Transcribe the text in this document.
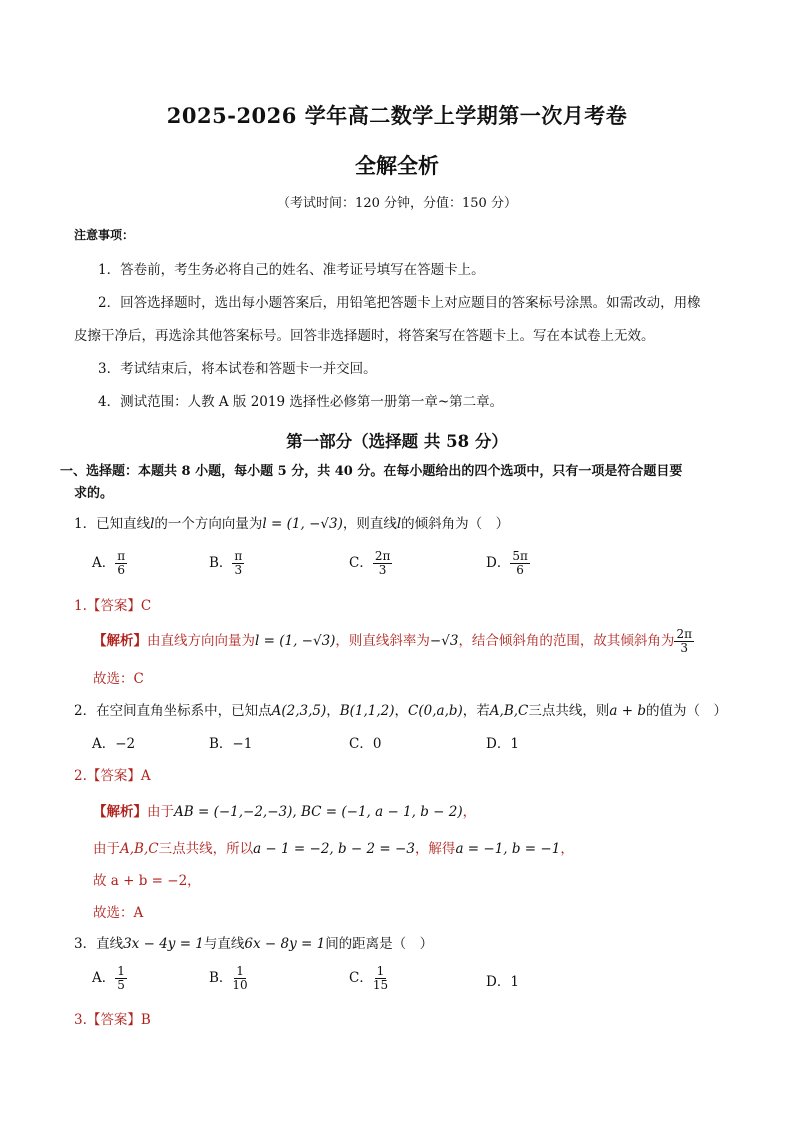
2025-2026 学年高二数学上学期第一次月考卷
全解全析
（考试时间：120 分钟，分值：150 分）
注意事项：
1．答卷前，考生务必将自己的姓名、准考证号填写在答题卡上。
2．回答选择题时，选出每小题答案后，用铅笔把答题卡上对应题目的答案标号涂黑。如需改动，用橡
皮擦干净后，再选涂其他答案标号。回答非选择题时，将答案写在答题卡上。写在本试卷上无效。
3．考试结束后，将本试卷和答题卡一并交回。
4．测试范围：人教 A 版 2019 选择性必修第一册第一章~第二章。
第一部分（选择题 共 58 分）
一、选择题：本题共 8 小题，每小题 5 分，共 40 分。在每小题给出的四个选项中，只有一项是符合题目要
求的。
1．已知直线l的一个方向向量为l = (1, −√3)，则直线l的倾斜角为（　）
A． $\frac{\pi}{6}$	B． $\frac{\pi}{3}$	C． $\frac{2\pi}{3}$	D． $\frac{5\pi}{6}$
1.【答案】C
【解析】由直线方向向量为l = (1, −√3)，则直线斜率为−√3，结合倾斜角的范围，故其倾斜角为 $\frac{2\pi}{3}$
故选：C
2．在空间直角坐标系中，已知点A(2,3,5)，B(1,1,2)，C(0,a,b)，若A,B,C三点共线，则a + b的值为（　）
A．−2	B．−1	C．0	D．1
2.【答案】A
【解析】由于AB = (−1,−2,−3), BC = (−1, a − 1, b − 2)，
由于A,B,C三点共线，所以a − 1 = −2, b − 2 = −3，解得a = −1, b = −1，
故 a + b = −2，
故选：A
3．直线3x − 4y = 1与直线6x − 8y = 1间的距离是（　）
A． $\frac{1}{5}$	B． $\frac{1}{10}$	C． $\frac{1}{15}$	D．1
3.【答案】B
